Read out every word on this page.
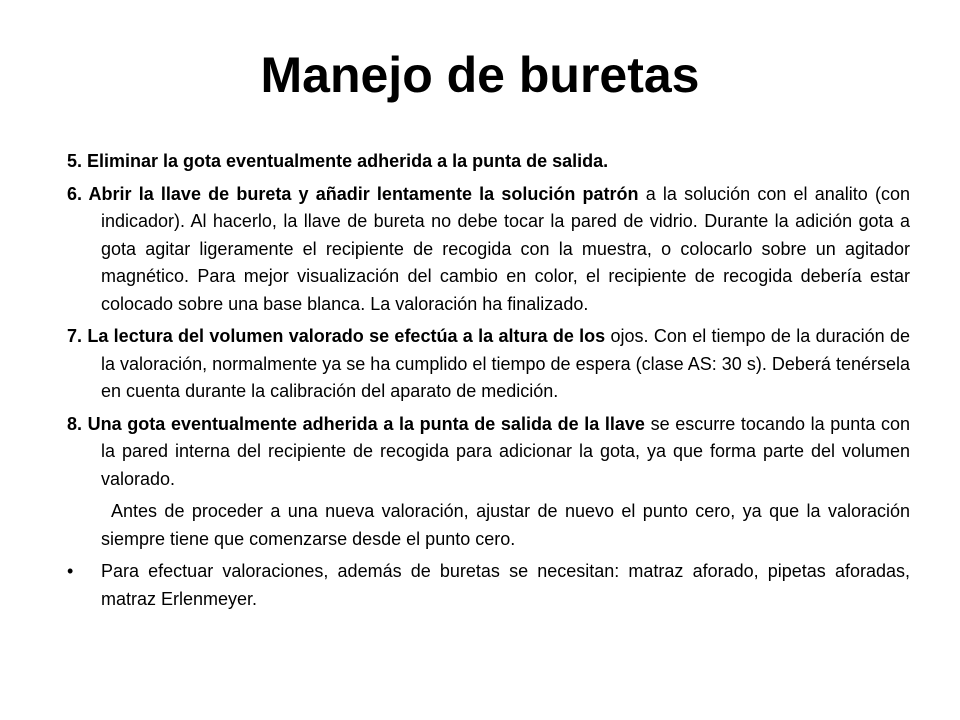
Manejo de buretas

5. Eliminar la gota eventualmente adherida a la punta de salida.

6. Abrir la llave de bureta y añadir lentamente la solución patrón a la solución con el analito (con indicador). Al hacerlo, la llave de bureta no debe tocar la pared de vidrio. Durante la adición gota a gota agitar ligeramente el recipiente de recogida con la muestra, o colocarlo sobre un agitador magnético. Para mejor visualización del cambio en color, el recipiente de recogida debería estar colocado sobre una base blanca. La valoración ha finalizado.

7. La lectura del volumen valorado se efectúa a la altura de los ojos. Con el tiempo de la duración de la valoración, normalmente ya se ha cumplido el tiempo de espera (clase AS: 30 s). Deberá tenérsela en cuenta durante la calibración del aparato de medición.

8. Una gota eventualmente adherida a la punta de salida de la llave se escurre tocando la punta con la pared interna del recipiente de recogida para adicionar la gota, ya que forma parte del volumen valorado.

Antes de proceder a una nueva valoración, ajustar de nuevo el punto cero, ya que la valoración siempre tiene que comenzarse desde el punto cero.

•	Para efectuar valoraciones, además de buretas se necesitan: matraz aforado, pipetas aforadas, matraz Erlenmeyer.
